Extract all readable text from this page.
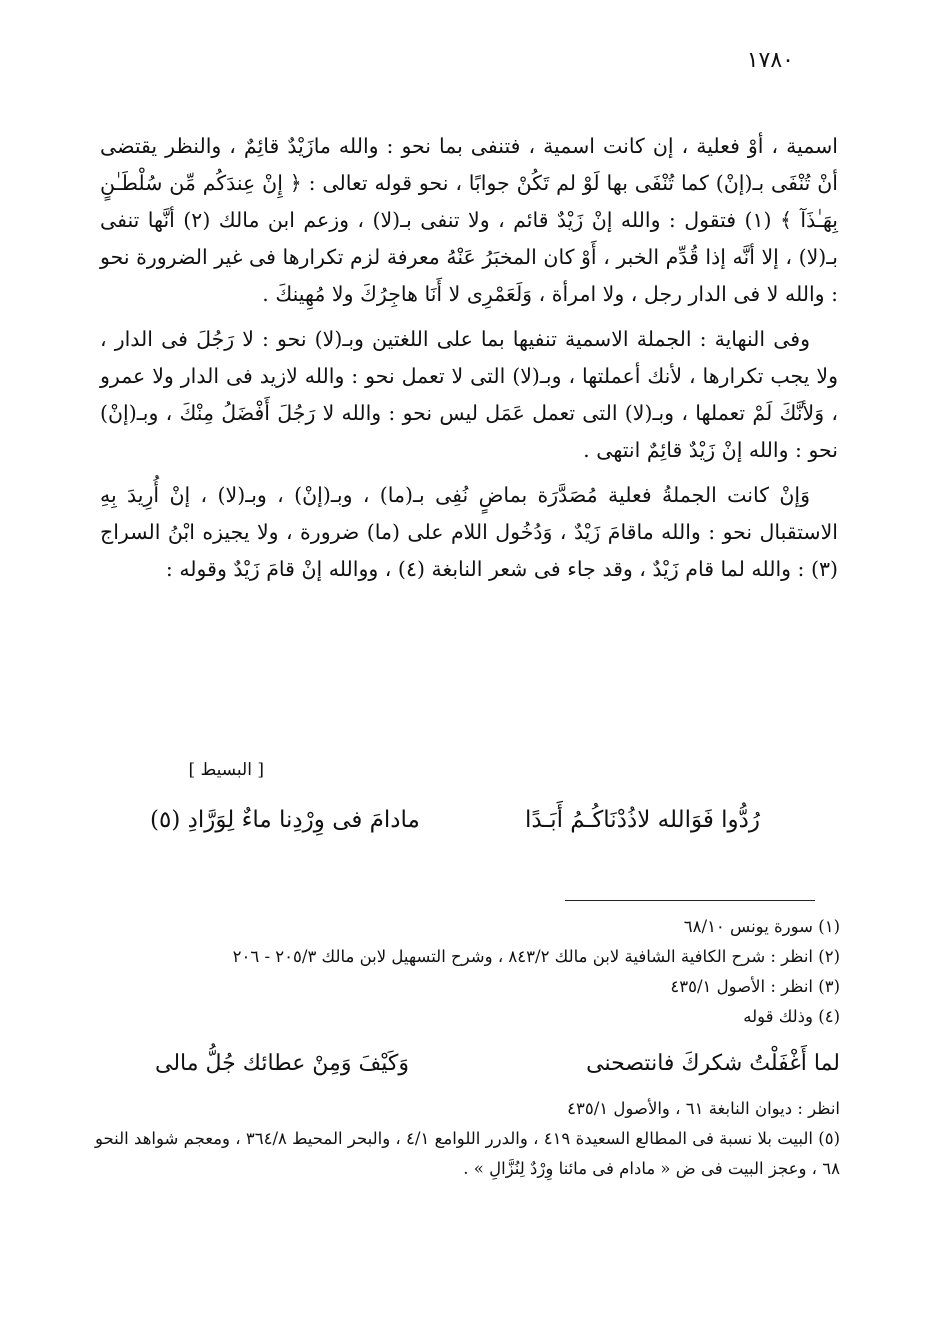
١٧٨٠

اسمية ، أوْ فعلية ، إن كانت اسمية ، فتنفى بما نحو : والله مازَيْدٌ قائِمٌ ، والنظر يقتضى أنْ تُنْفَى بـ(إنْ) كما تُنْفَى بها لَوْ لم تَكُنْ جوابًا ، نحو قوله تعالى : ﴿ إِنْ عِندَكُم مِّن سُلْطَـٰنٍ بِهَـٰذَآ ﴾ (١) فتقول : والله إنْ زَيْدٌ قائم ، ولا تنفى بـ(لا) ، وزعم ابن مالك (٢) أنَّها تنفى بـ(لا) ، إلا أنَّه إذا قُدِّم الخبر ، أَوْ كان المخبَرُ عَنْهُ معرفة لزم تكرارها فى غير الضرورة نحو : والله لا فى الدار رجل ، ولا امرأة ، وَلَعَمْرِى لا أَنَا هاجِرُكَ ولا مُهِينكَ .

وفى النهاية : الجملة الاسمية تنفيها بما على اللغتين وبـ(لا) نحو : لا رَجُلَ فى الدار ، ولا يجب تكرارها ، لأنك أعملتها ، وبـ(لا) التى لا تعمل نحو : والله لازيد فى الدار ولا عمرو ، وَلأنَّكَ لَمْ تعملها ، وبـ(لا) التى تعمل عَمَل ليس نحو : والله لا رَجُلَ أَفْضَلُ مِنْكَ ، وبـ(إنْ) نحو : والله إنْ زَيْدٌ قائِمٌ انتهى .

وَإنْ كانت الجملةُ فعلية مُصَدَّرَة بماضٍ نُفِى بـ(ما) ، وبـ(إنْ) ، وبـ(لا) ، إنْ أُرِيدَ بِهِ الاستقبال نحو : والله ماقامَ زَيْدٌ ، وَدُخُول اللام على (ما) ضرورة ، ولا يجيزه ابْنُ السراج (٣) : والله لما قام زَيْدٌ ، وقد جاء فى شعر النابغة (٤) ، ووالله إنْ قامَ زَيْدٌ وقوله :

[ البسيط ]
رُدُّوا فَوَالله لاذُدْنَاكُـمُ أَبَـدًا
مادامَ فى وِرْدِنا ماءٌ لِوَرَّادِ (٥)

(١) سورة يونس ٦٨/١٠

(٢) انظر : شرح الكافية الشافية لابن مالك ٨٤٣/٢ ، وشرح التسهيل لابن مالك ٢٠٥/٣ - ٢٠٦

(٣) انظر : الأصول ٤٣٥/١

(٤) وذلك قوله

لما أَغْفَلْتُ شكركَ فانتصحنى
وَكَيْفَ وَمِنْ عطائك جُلُّ مالى

انظر : ديوان النابغة ٦١ ، والأصول ٤٣٥/١

(٥) البيت بلا نسبة فى المطالع السعيدة ٤١٩ ، والدرر اللوامع ٤/١ ، والبحر المحيط ٣٦٤/٨ ، ومعجم شواهد النحو ٦٨ ، وعجز البيت فى ض « مادام فى مائنا وِرْدٌ لِنُزَّالِ » .
